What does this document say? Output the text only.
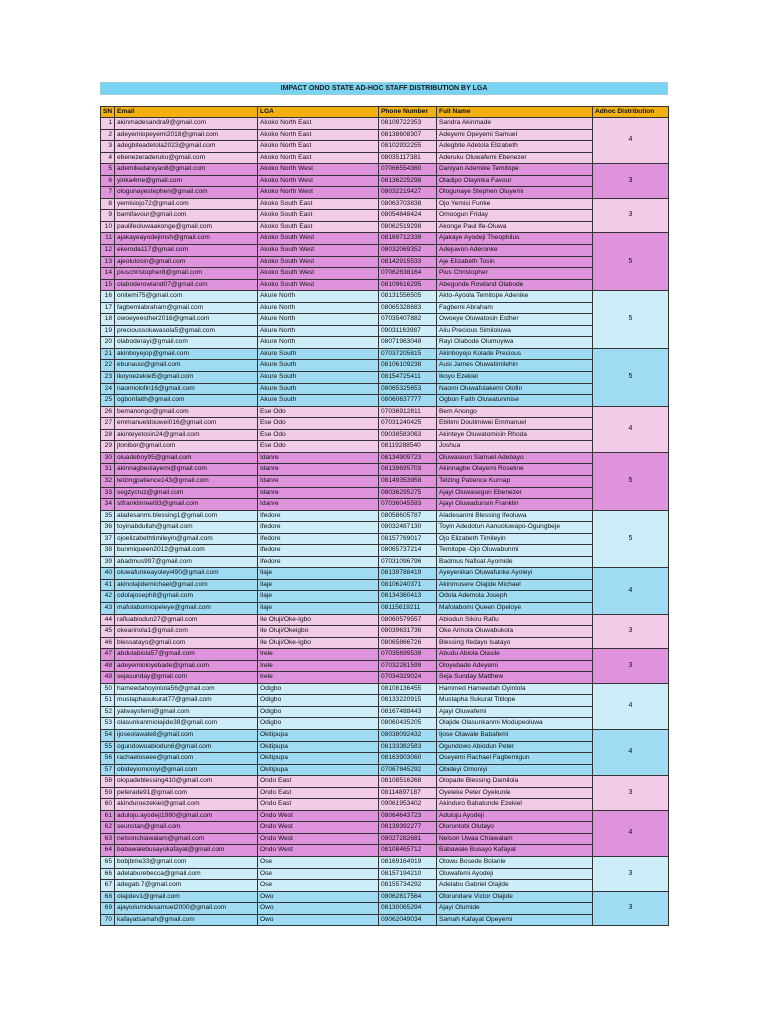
IMPACT ONDO STATE AD-HOC STAFF DISTRIBUTION BY LGA
SN	Email	LGA	Phone Number	Full Name	Adhoc Distribution
1	akinmadesandra9@gmail.com	Akoko North East	08109722353	Sandra Akinmade	4
2	adeyemiopeyemi2018@gmail.com	Akoko North East	08138608307	Adeyemi Opeyemi Samuel	
3	adegbiteadetola2023@gmail.com	Akoko North East	08102932255	Adegbite Adetola Elizabeth	
4	ebenezeraderuku@gmail.com	Akoko North East	08035117381	Aderuku Oluwafemi Ebenezer	
5	ademikedaniyan8@gmail.com	Akoko North West	07066554360	Daniyan Ademike Temitope	3
6	yinka4me@gmail.com	Akoko North West	08136225298	Oladipo Olayinka Favour	
7	ologunayestephen@gmail.com	Akoko North West	08032219427	Ologunaye Stephen Oluyemi	
8	yemisiojo72@gmail.com	Akoko South East	08063703838	Ojo Yemisi Funke	3
9	bamifavour@gmail.com	Akoko South East	08054848424	Omoogun Friday	
10	paulifeoluwaakonge@gmail.com	Akoko South East	08062519298	Akonge Paul Ife-Oluwa	
11	ajakayeayodejimsh@gmail.com	Akoko South West	08169712339	Ajakaye Ayodeji Theophilus	5
12	ekeroda117@gmail.com	Akoko South West	08032069352	Adejuwon Aderonke	
13	ajeolutosin@gmail.com	Akoko South West	08142915533	Aje Elizabeth Tosin	
14	piuschristopher8@gmail.com	Akoko South West	07062638164	Pius Christopher	
15	olaboderowland07@gmail.com	Akoko South West	08109616295	Abegunde Rowland Olabode	
16	onitemi75@gmail.com	Akure North	08131556505	Akto-Ayoola Temitope Adenike	5
17	fagbemiabraham@gmail.com	Akure North	08065328683	Fagbemi Abraham	
18	owoeyeesther2016@gmail.com	Akure North	07035407882	Owoeye Oluwatosin Esther	
19	precioussoluwasola5@gmail.com	Akure North	09031163987	Aliu Precious Similoluwa	
20	olaboderayi@gmail.com	Akure North	08071963048	Rayi Olabode Olumuyiwa	
21	akinboyejop@gmail.com	Akure South	07037205815	Akinboyejo Kolade Precious	5
22	ebunausi@gmail.com	Akure South	08106109238	Ausi James Oluwatimilehin	
23	ikoyoezekiel5@gmail.com	Akure South	08154725411	Ikoyo Ezekiel	
24	naomiolofin16@gmail.com	Akure South	08065325653	Naomi Oluwafolakemi Olofin	
25	ogbonfaith@gmail.com	Akure South	08060637777	Ogbon Faith Oluwatunmise	
26	bemanongo@gmail.com	Ese Odo	07036912811	Bem Anongo	4
27	emmanueldouwei016@gmail.com	Ese Odo	07031240425	Ebitimi Doutimiwei Emmanuel	
28	akinteyetosin24@gmail.com	Ese Odo	09038583063	Akinteye Oluwatomisin Rhoda	
29	jtonibor@gmail.com	Ese Odo	08119288540	Joshua	
30	oluadeboy95@gmail.com	Idanre	08134909723	Oluwaseun Samuel Adebayo	5
31	akinnagbeolayemi@gmail.com	Idanre	08139695703	Akinnagbe Olayemi Roseline	
32	telzingpatience143@gmail.com	Idanre	08149353958	Telzing Patience Kurnap	
33	segzycruz@gmail.com	Idanre	08036295275	Ajayi Oluwasegun Ebenezer	
34	stfranklinreel93@gmail.com	Idanre	07036045593	Ajayi Oluwadunsin Franklin	
35	aladesanmi.blessing1@gmail.com	Ifedore	08058605787	Aladesanmi Blessing Ifeoluwa	5
36	toyinabdullah@gmail.com	Ifedore	08032487130	Toyin Adedotun Aanuoluwapo-Ogungbeje	
37	ojoelizabethtimileyin@gmail.com	Ifedore	08157769017	Ojo Elizabeth Timileyin	
38	bunmiqueen2012@gmail.com	Ifedore	08065737214	Temitope -Ojo Oluwabunmi	
39	abadmus997@gmail.com	Ifedore	07031096796	Badmus Nafisat Ayomide	
40	oluwafunkeayoleyi490@gmail.com	Ilaje	08139788419	Ayeyenikan Oluwafunke Ayoleyi	4
41	akinolajidemichael@gmail.com	Ilaje	08106240371	Akinmusere Olajide Michael	
42	odolajoseph8@gmail.com	Ilaje	08134360413	Odola Ademola Joseph	
43	mafolabomiopeleye@gmail.com	Ilaje	08115619211	Mafolabomi Queen Opeloye	
44	rafiuabiodun27@gmail.com	Ile Oluji/Oke-Igbo	08060579557	Abiodun Sikiru Rafiu	3
45	okearinola1@gmail.com	Ile Oluji/Okeigbo	08039631736	Oke Arinola Oluwabukola	
46	blessatayo@gmail.com	Ile Oluji/Oke-Igbo	08065866726	Blessing Ifedayo Isatayo	
47	abdulabiola57@gmail.com	Irele	07035699539	Abudu Abiola Olasile	3
48	adeyemioloyebade@gmail.com	Irele	07032281599	Oloyebade Adeyemi	
49	sejasunday@gmail.com	Irele	07034329024	Seja Sunday Matthew	
50	hameedahoyinlola56@gmail.com	Odigbo	08108136455	Hammed Hameedah Oyinlola	4
51	mustaphasukurat77@gmail.com	Odigbo	08133220915	Mustapha Sukurat Titilope	
52	yalwaysfemi@gmail.com	Odigbo	08167488443	Ajayi Oluwafemi	
53	olasunkanmiolajide38@gmail.com	Odigbo	08060435205	Olajide Olasunkanmi Modupeoluwa	
54	ijoseolawale8@gmail.com	Okitipupa	08038092432	Ijose Olawale Babafemi	4
55	ogundowoabiodun6@gmail.com	Okitipupa	08133382583	Ogundowo Abiodun Peter	
56	rachaeloseee@gmail.com	Okitipupa	08163903060	Oseyemi Rachael Fagbemigun	
57	obideyiomoniyi@gmail.com	Okitipupa	07067845292	Obideyi Omoniyi	
58	olopadeblessing410@gmail.com	Ondo East	08108516268	Olopade Blessing Damilola	3
59	peterade91@gmail.com	Ondo East	08114897187	Oyeleke Peter Oyekunle	
60	akinduroezekiel@gmail.com	Ondo East	09061953402	Akinduro Babatunde Ezekiel	
61	aduloju.ayodeji1980@gmail.com	Ondo West	08064643723	Aduloju Ayodeji	4
62	seunstan@gmail.com	Ondo West	08139392277	Oloruntobi Olutayo	
63	nelsonchiawalam@gmail.com	Ondo West	08027282681	Nelson Uwaa Chiawalam	
64	babawalebusayokafayat@gmail.com	Ondo West	08108465712	Babawale Busayo Kafayat	
65	bobjbme33@gmail.com	Ose	08169164919	Olowu Bosede Bolanle	3
66	adelaburebecca@gmail.com	Ose	08157194210	Oluwafemi Ayodeji	
67	adegab.7@gmail.com	Ose	08155734292	Adelabu Gabriel Olajide	
68	olajidev1@gmail.com	Owo	08062817564	Olorundare Victor Olajide	3
69	ajayiolumidesamuel2000@gmail.com	Owo	08130065294	Ajayi Olumide	
70	kafayatsamah@gmail.com	Owo	09062049034	Samah Kafayat Opeyemi	
